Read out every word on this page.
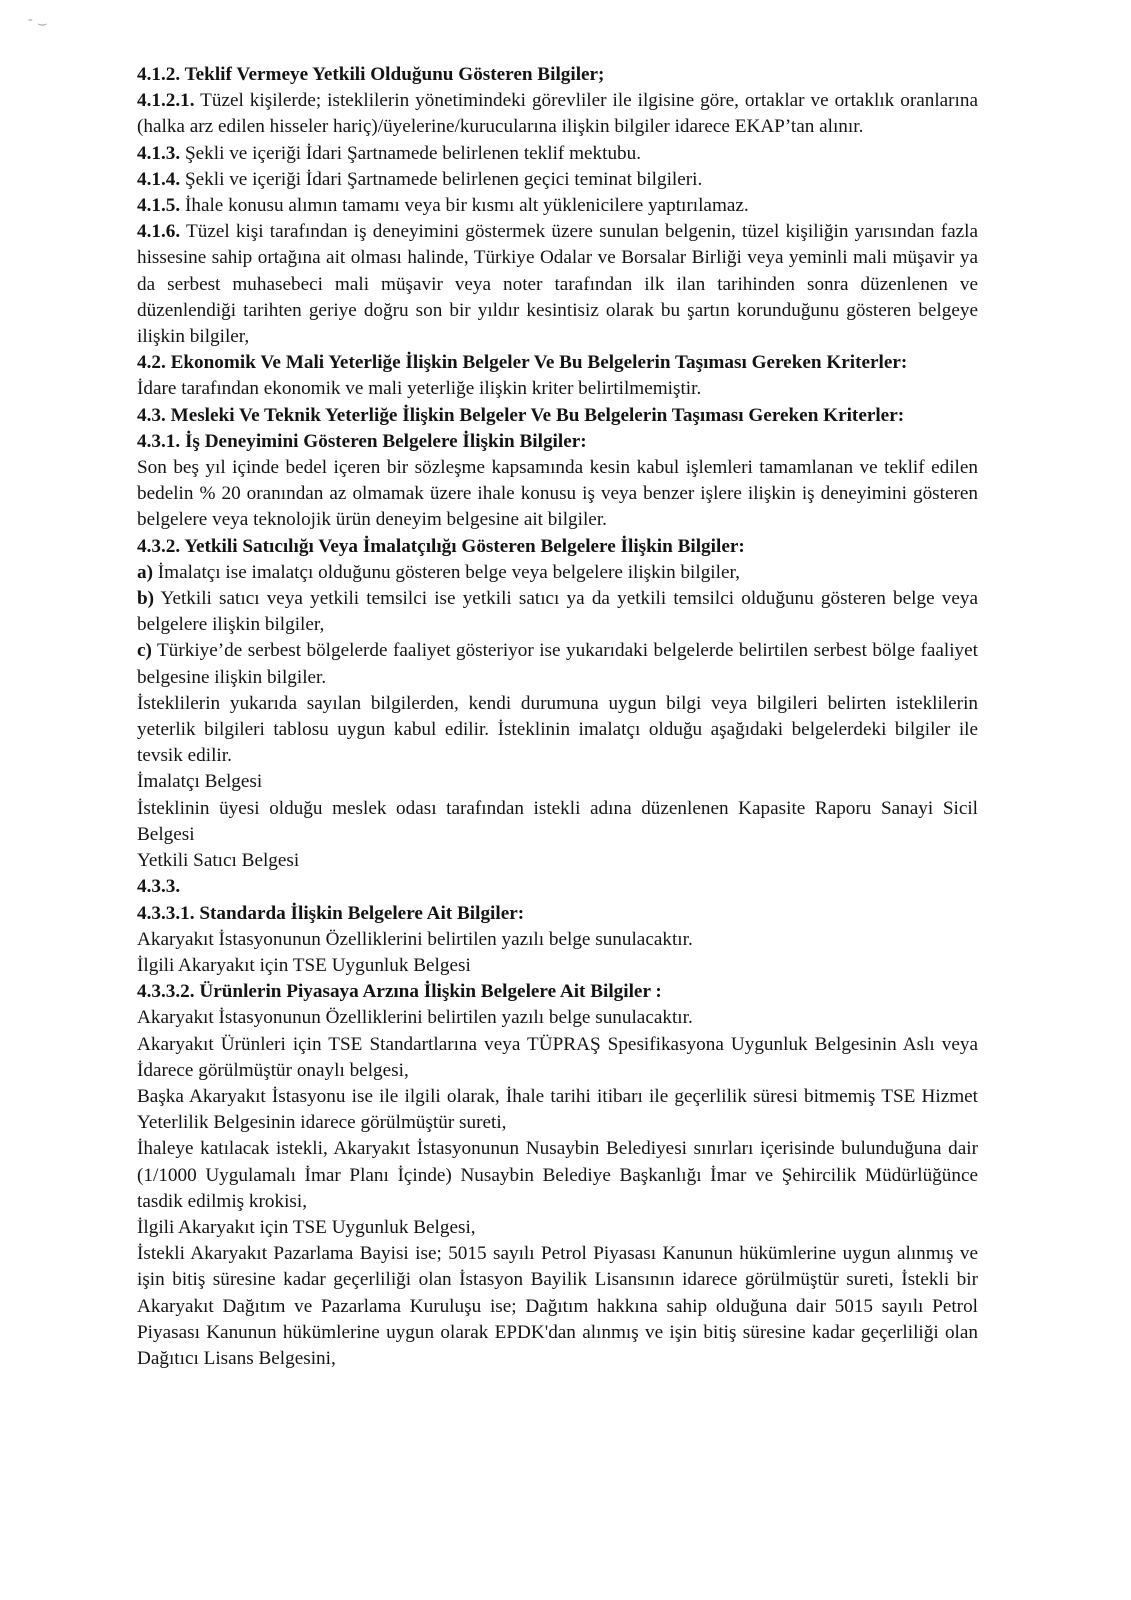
- ͜

4.1.2. Teklif Vermeye Yetkili Olduğunu Gösteren Bilgiler;

4.1.2.1. Tüzel kişilerde; isteklilerin yönetimindeki görevliler ile ilgisine göre, ortaklar ve ortaklık oranlarına (halka arz edilen hisseler hariç)/üyelerine/kurucularına ilişkin bilgiler idarece EKAP’tan alınır.

4.1.3. Şekli ve içeriği İdari Şartnamede belirlenen teklif mektubu.

4.1.4. Şekli ve içeriği İdari Şartnamede belirlenen geçici teminat bilgileri.

4.1.5. İhale konusu alımın tamamı veya bir kısmı alt yüklenicilere yaptırılamaz.

4.1.6. Tüzel kişi tarafından iş deneyimini göstermek üzere sunulan belgenin, tüzel kişiliğin yarısından fazla hissesine sahip ortağına ait olması halinde, Türkiye Odalar ve Borsalar Birliği veya yeminli mali müşavir ya da serbest muhasebeci mali müşavir veya noter tarafından ilk ilan tarihinden sonra düzenlenen ve düzenlendiği tarihten geriye doğru son bir yıldır kesintisiz olarak bu şartın korunduğunu gösteren belgeye ilişkin bilgiler,

4.2. Ekonomik Ve Mali Yeterliğe İlişkin Belgeler Ve Bu Belgelerin Taşıması Gereken Kriterler:

İdare tarafından ekonomik ve mali yeterliğe ilişkin kriter belirtilmemiştir.

4.3. Mesleki Ve Teknik Yeterliğe İlişkin Belgeler Ve Bu Belgelerin Taşıması Gereken Kriterler:

4.3.1. İş Deneyimini Gösteren Belgelere İlişkin Bilgiler:

Son beş yıl içinde bedel içeren bir sözleşme kapsamında kesin kabul işlemleri tamamlanan ve teklif edilen bedelin % 20 oranından az olmamak üzere ihale konusu iş veya benzer işlere ilişkin iş deneyimini gösteren belgelere veya teknolojik ürün deneyim belgesine ait bilgiler.

4.3.2. Yetkili Satıcılığı Veya İmalatçılığı Gösteren Belgelere İlişkin Bilgiler:

a) İmalatçı ise imalatçı olduğunu gösteren belge veya belgelere ilişkin bilgiler,

b) Yetkili satıcı veya yetkili temsilci ise yetkili satıcı ya da yetkili temsilci olduğunu gösteren belge veya belgelere ilişkin bilgiler,

c) Türkiye’de serbest bölgelerde faaliyet gösteriyor ise yukarıdaki belgelerde belirtilen serbest bölge faaliyet belgesine ilişkin bilgiler.

İsteklilerin yukarıda sayılan bilgilerden, kendi durumuna uygun bilgi veya bilgileri belirten isteklilerin yeterlik bilgileri tablosu uygun kabul edilir. İsteklinin imalatçı olduğu aşağıdaki belgelerdeki bilgiler ile tevsik edilir.

İmalatçı Belgesi

İsteklinin üyesi olduğu meslek odası tarafından istekli adına düzenlenen Kapasite Raporu Sanayi Sicil Belgesi

Yetkili Satıcı Belgesi

4.3.3.

4.3.3.1. Standarda İlişkin Belgelere Ait Bilgiler:

Akaryakıt İstasyonunun Özelliklerini belirtilen yazılı belge sunulacaktır.

İlgili Akaryakıt için TSE Uygunluk Belgesi

4.3.3.2. Ürünlerin Piyasaya Arzına İlişkin Belgelere Ait Bilgiler :

Akaryakıt İstasyonunun Özelliklerini belirtilen yazılı belge sunulacaktır.

Akaryakıt Ürünleri için TSE Standartlarına veya TÜPRAŞ Spesifikasyona Uygunluk Belgesinin Aslı veya İdarece görülmüştür onaylı belgesi,

Başka Akaryakıt İstasyonu ise ile ilgili olarak, İhale tarihi itibarı ile geçerlilik süresi bitmemiş TSE Hizmet Yeterlilik Belgesinin idarece görülmüştür sureti,

İhaleye katılacak istekli, Akaryakıt İstasyonunun Nusaybin Belediyesi sınırları içerisinde bulunduğuna dair (1/1000 Uygulamalı İmar Planı İçinde) Nusaybin Belediye Başkanlığı İmar ve Şehircilik Müdürlüğünce tasdik edilmiş krokisi,

İlgili Akaryakıt için TSE Uygunluk Belgesi,

İstekli Akaryakıt Pazarlama Bayisi ise; 5015 sayılı Petrol Piyasası Kanunun hükümlerine uygun alınmış ve işin bitiş süresine kadar geçerliliği olan İstasyon Bayilik Lisansının idarece görülmüştür sureti, İstekli bir Akaryakıt Dağıtım ve Pazarlama Kuruluşu ise; Dağıtım hakkına sahip olduğuna dair 5015 sayılı Petrol Piyasası Kanunun hükümlerine uygun olarak EPDK'dan alınmış ve işin bitiş süresine kadar geçerliliği olan Dağıtıcı Lisans Belgesini,
